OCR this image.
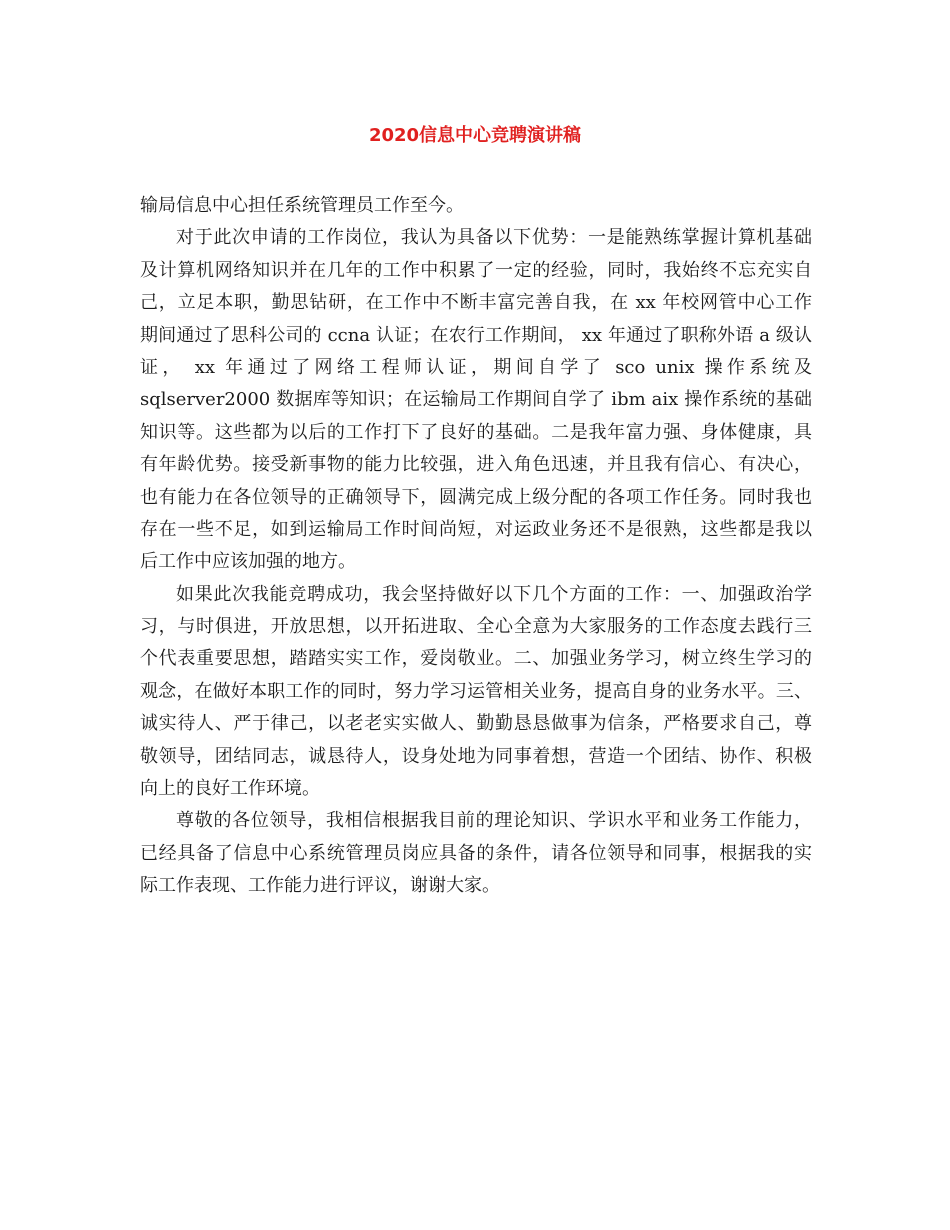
2020信息中心竞聘演讲稿
输局信息中心担任系统管理员工作至今。
对于此次申请的工作岗位，我认为具备以下优势：一是能熟练掌握计算机基础
及计算机网络知识并在几年的工作中积累了一定的经验，同时，我始终不忘充实自
己，立足本职，勤思钻研，在工作中不断丰富完善自我，在 xx 年校网管中心工作
期间通过了思科公司的 ccna 认证；在农行工作期间， xx 年通过了职称外语 a 级认
证， xx 年通过了网络工程师认证，期间自学了 sco unix 操作系统及
sqlserver2000 数据库等知识；在运输局工作期间自学了 ibm aix 操作系统的基础
知识等。这些都为以后的工作打下了良好的基础。二是我年富力强、身体健康，具
有年龄优势。接受新事物的能力比较强，进入角色迅速，并且我有信心、有决心，
也有能力在各位领导的正确领导下，圆满完成上级分配的各项工作任务。同时我也
存在一些不足，如到运输局工作时间尚短，对运政业务还不是很熟，这些都是我以
后工作中应该加强的地方。
如果此次我能竞聘成功，我会坚持做好以下几个方面的工作：一、加强政治学
习，与时俱进，开放思想，以开拓进取、全心全意为大家服务的工作态度去践行三
个代表重要思想，踏踏实实工作，爱岗敬业。二、加强业务学习，树立终生学习的
观念，在做好本职工作的同时，努力学习运管相关业务，提高自身的业务水平。三、
诚实待人、严于律己，以老老实实做人、勤勤恳恳做事为信条，严格要求自己，尊
敬领导，团结同志，诚恳待人，设身处地为同事着想，营造一个团结、协作、积极
向上的良好工作环境。
尊敬的各位领导，我相信根据我目前的理论知识、学识水平和业务工作能力，
已经具备了信息中心系统管理员岗应具备的条件，请各位领导和同事，根据我的实
际工作表现、工作能力进行评议，谢谢大家。
